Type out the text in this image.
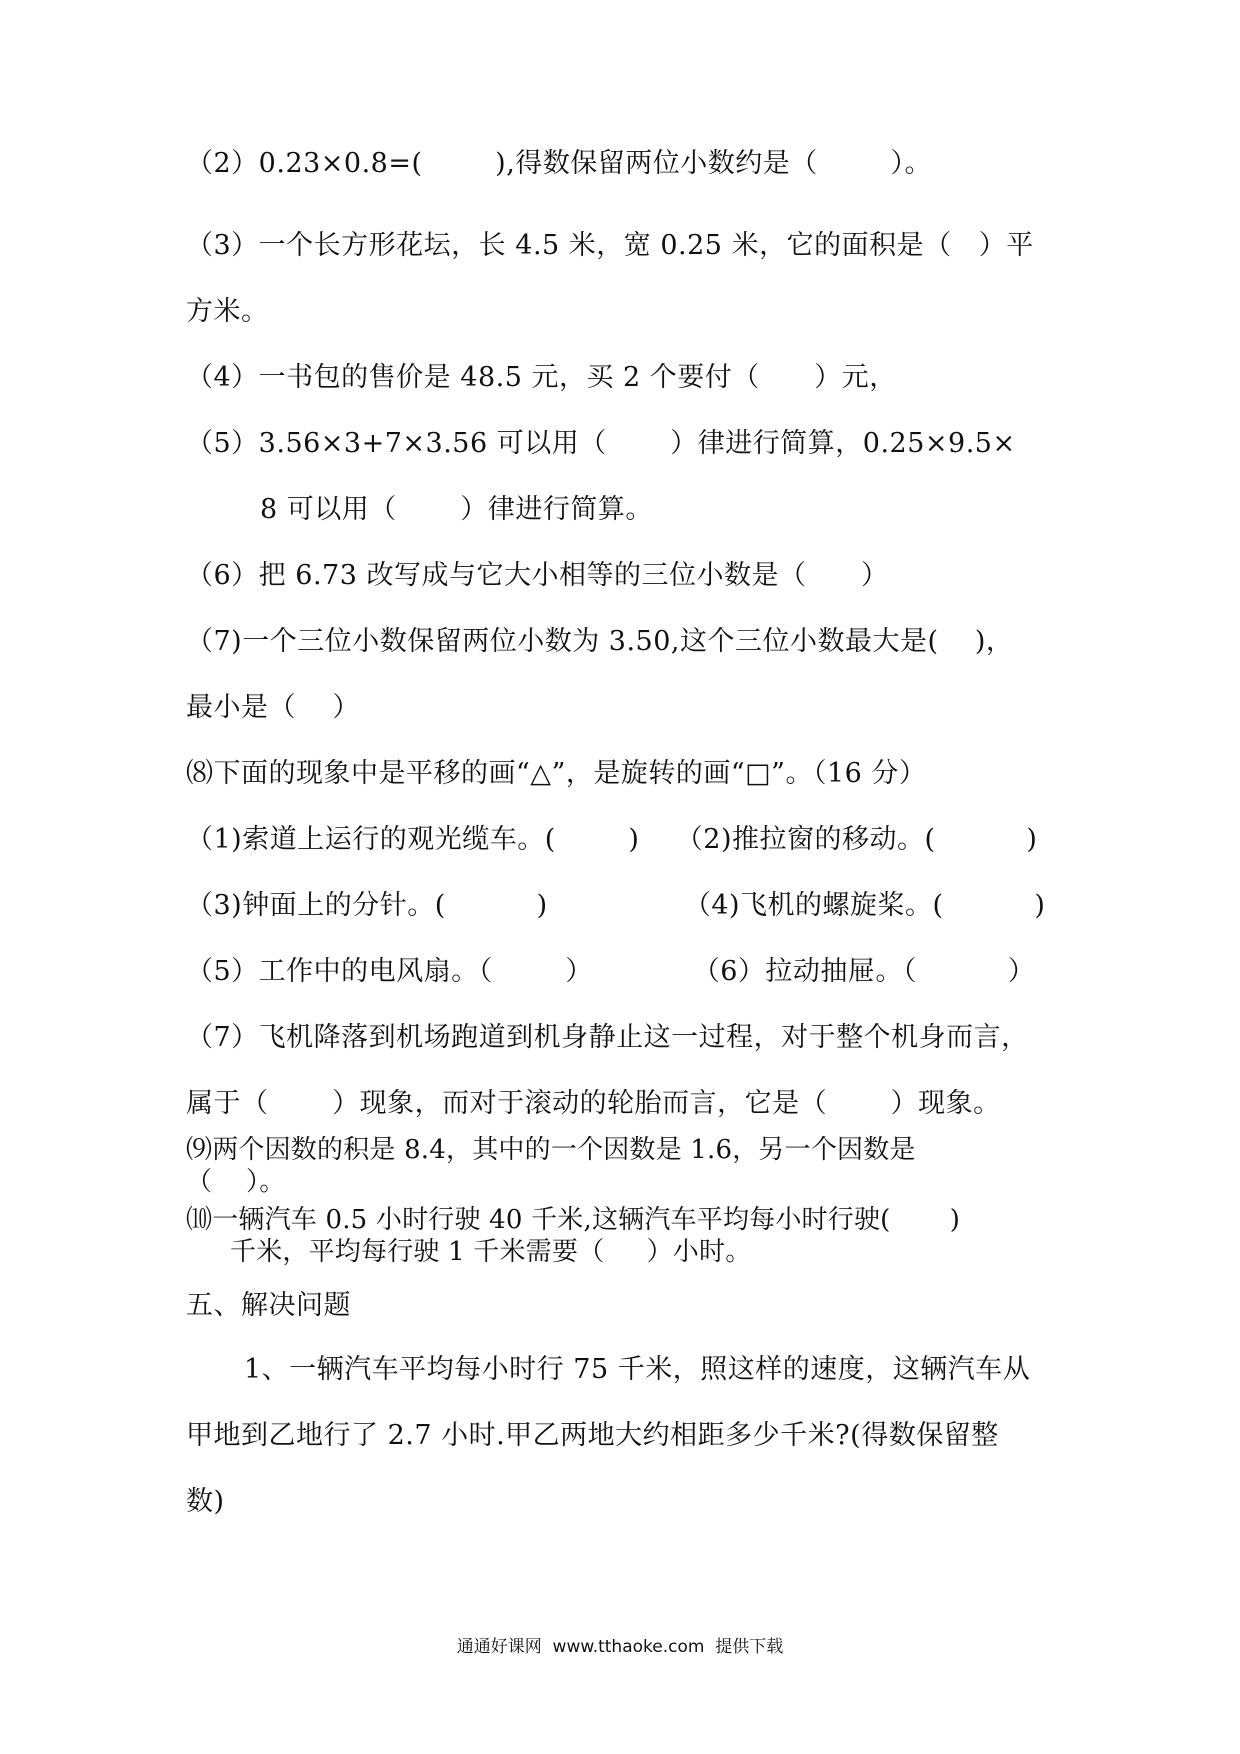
（2）0.23×0.8=(        ),得数保留两位小数约是（        ）。
（3）一个长方形花坛，长 4.5 米，宽 0.25 米，它的面积是（   ）平
方米。
（4）一书包的售价是 48.5 元，买 2 个要付（      ）元，
（5）3.56×3+7×3.56 可以用（       ）律进行简算，0.25×9.5×
8 可以用（       ）律进行简算。
（6）把 6.73 改写成与它大小相等的三位小数是（      ）
（7)一个三位小数保留两位小数为 3.50,这个三位小数最大是(    )，
最小是（    ）
⑻下面的现象中是平移的画“△”，是旋转的画“□”。（16 分）
（1)索道上运行的观光缆车。(        )    （2)推拉窗的移动。(          )
（3)钟面上的分针。(          )               （4)飞机的螺旋桨。(          )
（5）工作中的电风扇。（        ）           （6）拉动抽屉。（          ）
（7）飞机降落到机场跑道到机身静止这一过程，对于整个机身而言，
属于（       ）现象，而对于滚动的轮胎而言，它是（       ）现象。
⑼两个因数的积是 8.4，其中的一个因数是 1.6，另一个因数是
（    ）。
⑽一辆汽车 0.5 小时行驶 40 千米,这辆汽车平均每小时行驶(       )
千米，平均每行驶 1 千米需要（     ）小时。
五、解决问题
1、一辆汽车平均每小时行 75 千米，照这样的速度，这辆汽车从
甲地到乙地行了 2.7 小时.甲乙两地大约相距多少千米?(得数保留整
数)
通通好课网  www.tthaoke.com  提供下载
